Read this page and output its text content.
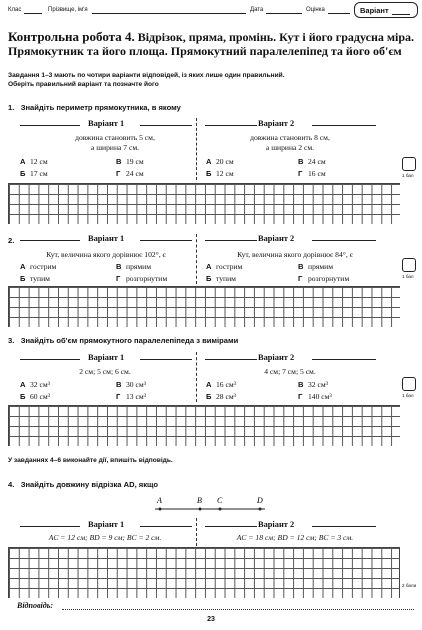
Клас	Прізвище, ім'я	Дата	Оцінка	Варіант
Контрольна робота 4. Відрізок, пряма, промінь. Кут і його градусна міра. Прямокутник та його площа. Прямокутний паралелепіпед та його об'єм
Завдання 1–3 мають по чотири варіанти відповідей, із яких лише один правильний.
Оберіть правильний варіант та позначте його
1. Знайдіть периметр прямокутника, в якому
Варіант 1	Варіант 2
довжина становить 5 см,
а ширина 7 см.
довжина становить 8 см,
а ширина 2 см.
А 12 см	В 19 см
Б 17 см	Г 24 см
А 20 см	В 24 см
Б 12 см	Г 16 см	1 бал
2.	Варіант 1	Варіант 2
Кут, величина якого дорівнює 102°, є	Кут, величина якого дорівнює 84°, є
А гострим	В прямим
Б тупим	Г розгорнутим
А гострим	В прямим
Б тупим	Г розгорнутим	1 бал
3. Знайдіть об'єм прямокутного паралелепіпеда з вимірами
Варіант 1	Варіант 2
2 см; 5 см; 6 см.	4 см; 7 см; 5 см.
А 32 см³	В 30 см³
Б 60 см³	Г 13 см³
А 16 см³	В 32 см³
Б 28 см³	Г 140 см³	1 бал
У завданнях 4–6 виконайте дії, впишіть відповідь.
4. Знайдіть довжину відрізка AD, якщо
A	B C	D
Варіант 1	Варіант 2
AC = 12 см; BD = 9 см; BC = 2 см.	AC = 18 см; BD = 12 см; BC = 3 см.
2 бали
Відповідь:
23
